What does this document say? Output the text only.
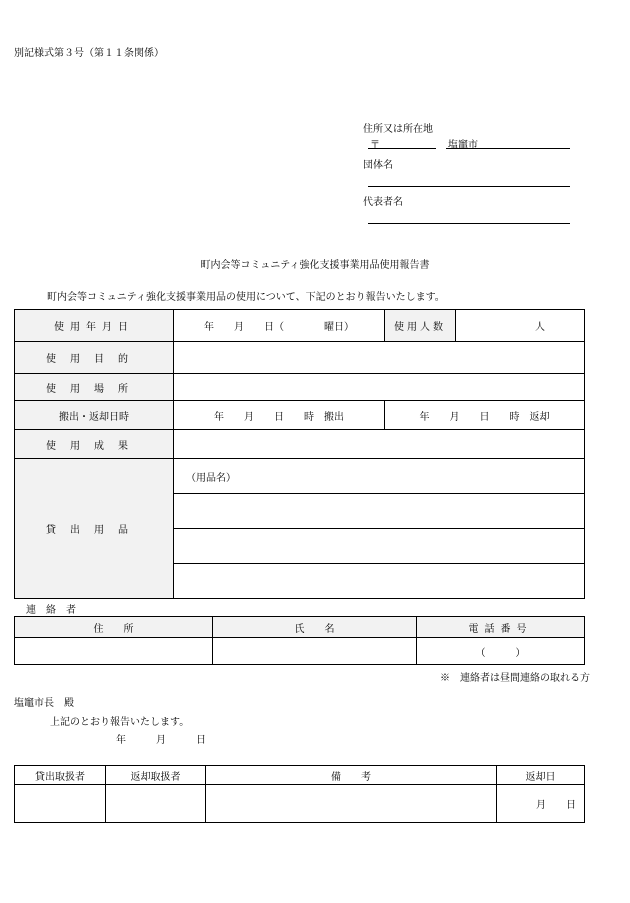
別記様式第３号（第１１条関係）
住所又は所在地
〒	塩竈市
団体名
代表者名
町内会等コミュニティ強化支援事業用品使用報告書
町内会等コミュニティ強化支援事業用品の使用について、下記のとおり報告いたします。
使用年月日	年　　月　　日（　　　　曜日）	使用人数	人
使用目的			
使用場所			
搬出・返却日時	年　　月　　日　　時　搬出	年　　月　　日　　時　返却	
使用成果			
貸出用品	（用品名）		

連　絡　者
住　　所	氏　　名	電話番号
		（　　　）
※　連絡者は昼間連絡の取れる方
塩竈市長　殿
上記のとおり報告いたします。
年　　　月　　　日
貸出取扱者	返却取扱者	備　　考	返却日
			月　　日
